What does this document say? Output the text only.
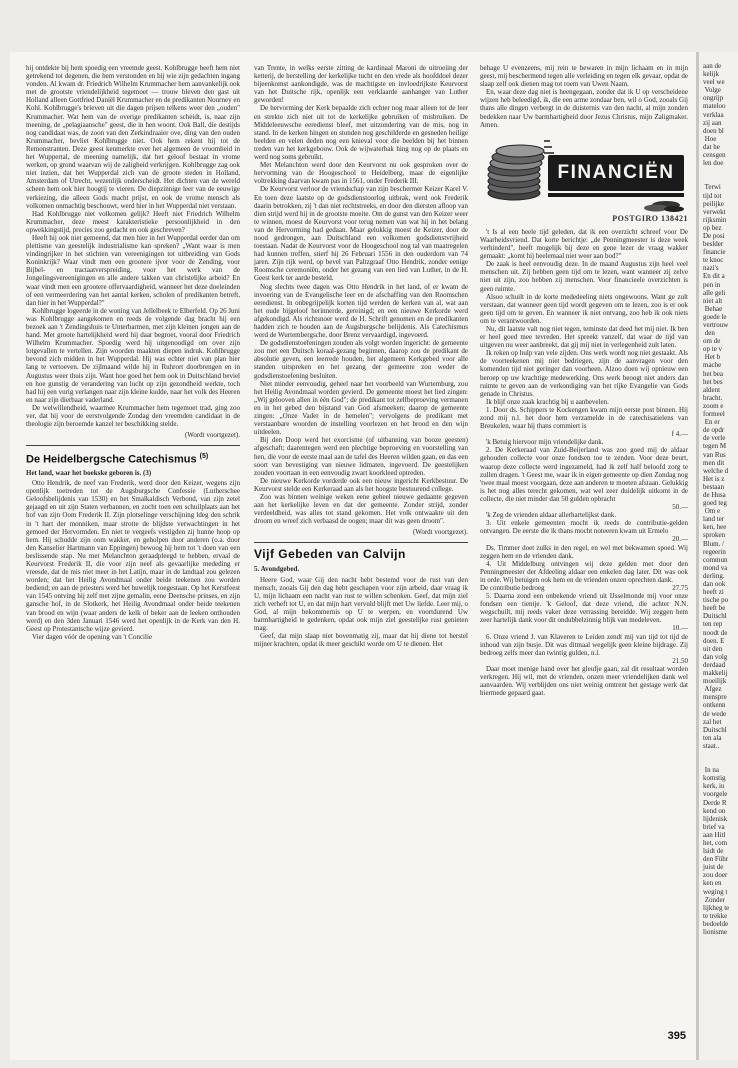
hij ontdekte bij hem spoedig een vreemde geest. Kohlbrugge heeft hem niet getrekend tot degenen, die hem verstonden en bij wie zijn gedachten ingang vonden. Al kwam dr. Friedrich Wilhelm Krummacher hem aanvankelijk ook met de grootste vriendelijkheid tegemoet — trouw bleven den gast uit Holland alleen Gottfried Daniël Krummacher en de predikanten Nourney en Kohl. Kohlbrugge's brieven uit die dagen prijsen telkens weer den „ouden" Krummacher. Wat hem van de overige predikanten scheidt, is, naar zijn meening, de „pelagiaansche" geest, die in hen woont. Ook Ball, die destijds nog candidaat was, de zoon van den Zerkindraaier ove, ding van den ouden Krummacher, bevliet Kohlbrugge niet. Ook hem rekent hij tot de Remonstranten. Deze geest kenmerkte over het algemeen de vroomheid in het Wuppertal, de meening namelijk, dat het geloof bestaat in vrome werken, op grond waarvan wij de zaligheid verkrijgen. Kohlbrugge zag ook niet inzien, dat het Wupperdal zich van de groote steden in Holland, Amsterdam of Utrecht, wezenlijk onderscheidt. Het dichten van de wereld scheen hem ook hier hoogtij te vieren. De diepzinnige leer van de eeuwige verkiezing, die alleen Gods macht prijst, en ook de vrome mensch als volkomen onmachtig beschouwt, werd hier in het Wupperdal niet verstaan.

Had Kohlbrugge niet volkomen gelijk? Heeft niet Friedrich Wilhelm Krummacher, deze meest karakteristieke persoonlijkheid in den opwekkingstijd, precies zoo gedacht en ook geschreven?

Heeft hij ook niet gemeend, dat men hier in het Wupperdal eerder dan om plettisme van geestelijk industrialisme kan spreken? „Want waar is men vindingrijker in het stichten van vereenigingen tot uitbreiding van Gods Koninkrijk? Waar vindt men een grootere ijver voor de Zending, voor Bijbel- en tractaatverspreiding, voor het werk van de Jongelingsvereenigingen en alle andere takken van christelijke arbeid? En waar vindt men een grootere offervaardigheid, wanneer het deze doeleinden of een vermeerdering van het aantal kerken, scholen of predikanten betreft, dan hier in het Wupperdal?"

Kohlbrugge logeerde in de woning van Jellelbeek te Elberfeld. Op 26 Juni was Kohlbrugge aangekomen en reeds de volgende dag bracht hij een bezoek aan 't Zendingshuis te Unterbarmen, met zijn kleinen jongen aan de hand. Met groote hartelijkheid werd hij daar begroet, vooral door Friedrich Wilhelm Krummacher. Spoedig werd hij uitgenoodigd om over zijn lotgevallen te vertellen. Zijn woorden maakten diepen indruk. Kohlbrugge bevond zich midden in het Wupperdal. Hij was echter niet van plan hier lang te vertoeven. De zijlmaand wilde hij in Ruhrort doorbrengen en in Augustus weer thuis zijn. Want hoe goed het hem ook in Duitschland beviel en hoe gunstig de verandering van lucht op zijn gezondheid werkte, toch had hij een vurig verlangen naar zijn kleine kudde, naar het volk des Heeren en naar zijn dierbaar vaderland.

De welwillendheid, waarmee Krummacher hem tegemoet trad, ging zoo ver, dat hij voor de eerstvolgende Zondag den vreemden candidaat in de theologie zijn beroemde kanzel ter beschikking stelde.

(Wordt voortgezet).

De Heidelbergsche Catechismus $^{(5)}$
Het land, waar het boekske geboren is. (3)

Otto Hendrik, de neef van Frederik, werd door den Keizer, wegens zijn openlijk toetreden tot de Augsburgsche Confessie (Lutherschee Geloofsbelijdenis van 1530) en het Smalkaldisch Verbond, van zijn zetel gejaagd en uit zijn Staten verbannen, en zocht toen een schuilplaats aan het hof van zijn Oom Frederik II. Zijn plotselinge verschijning ldeg den schrik in 't hart der monniken, maar strotte de blijdste verwachtingen in het gemoed der Hervormden. En niet te vergeefs vestigden zij hunne hoop op hem. Hij schudde zijn oom wakker, en geholpen door anderen (o.a. door den Kanselier Hartmann van Eppingen) bewoog hij hem tot 't doen van een beslissende stap. Nu met Melanchton geraadpleegd te hebben, ervaal de Keurvorst Frederik II, die voor zijn neef als gevaarlijke mededing er vreesde, dat de mis niet meer in het Latijn, maar in de landtaal zou gelezen worden; dat het Heilig Avondmaal onder beide teekenen zou worden bediend; en aan de priesters werd het huwelijk toegestaan. Op het Kerstfeest van 1545 ontving hij zelf met zijne gemalin, eene Deensche prinses, en zijn gansche hof, in de Slotkerk, het Heilig Avondmaal onder beide teekenen van brood en wijn (waar anders de kelk of beker aan de leeken onthouden werd) en den 3den Januari 1546 werd het openlijk in de Kerk van den H. Geest op Protestantsche wijze gevierd.

Vier dagen vóór de opening van 't Concilie

van Trente, in welks eerste zitting de kardinaal Maroni de uitroeiing der ketterij, de herstelling der kerkelijke tucht en den vrede als hoofddoel dezer bijeenkomst aankondigde, was de machtigste en invloedrijkste Keurvorst van het Duitsche rijk, openlijk een verklaarde aanhanger van Luther geworden!

De hervorming der Kerk bepaalde zich echter nog maar alleen tot de leer en strekte zich niet uit tot de kerkelijke gebruiken of misbruiken. De Middeleeuwsche eeredienst bleef, met uitzondering van de mis, nog in stand. In de kerken hingen en stonden nog geschilderde en gesneden heilige beelden en velen deden nog een knieval voor die beelden bij het binnen treden van het kerkgebouw. Ook de wijwaterbak hing nog op de plaats en werd nog soms gebruikt.

Met Melanchton werd door den Keurvorst nu ook gesproken over de hervorming van de Hoogeschool te Heidelberg, maar de eigenlijke voltrekking daarvan kwam pas in 1561, onder Frederik III.

De Keurvorst verloor de vriendschap van zijn beschermer Keizer Karel V. En toen deze laatste op de godsdienstoorlog uitbrak, werd ook Frederik daarin betrokken, zij 't dan niet rechtstreeks, en door den diersten afloop van dien strijd werd hij in de grootste moeite. Om de gunst van den Keizer weer te winnen, moest de Keurvorst voor terug nemen van wat hij in het belang van de Hervorming had gedaan. Maar gelukkig moest de Keizer, door de nood gedrongen, aan Duitschland een volkomen godsdienstvrijheid toestaan. Nadat de Keurvorst voor de Hoogeschool nog tal van maatregelen had kunnen treffen, stierf hij 26 Februari 1556 in den ouderdom van 74 jaren. Zijn rijk werd, op bevel van Paltzgraaf Otto Hendrik, zonder eenige Roomsche ceremoniën, onder het gezang van een lied van Luther, in de H. Geest kerk ter aarde besteld.

Nog slechts twee dagen was Otto Hendrik in het land, of er kwam de invoering van de Evangelische leer en de afschaffing van den Roomschen eeredienst. In onbegrijpelijk korten tijd werden de kerken van al, wat aan het oude bijgeloof herinnerde, gereinigd; en een nieuwe Kerkorde werd afgekondigd. Als richtsnoer werd de H. Schrift genomen en de predikanten hadden zich te houden aan de Augsburgsche belijdenis. Als Catechismus werd de Wurtembergsche, door Brenz vervaardigd, ingevoerd.

De godsdienstoefeningen zouden als volgt worden ingericht: de gemeente zou met een Duitsch koraal-gezang beginnen, daarop zou de predikant de absolutie geven, een leerrede houden, het algemeen Kerkgebed voor alle standen uitspreken en het gezang der gemeente zou weder de godsdienstoefening besluiten.

Niet minder eenvoudig, geheel naar het voorbeeld van Wurtemburg, zou het Heilig Avondmaal worden gevierd. De gemeente moest het lied zingen: „Wij gelooven allen in één God"; de predikant tot zelfbeproeving vermanen en in het gebed den bijstand van God afsmeeken; daarop de gemeente zingen: „Onze Vader in de hemelen"; vervolgens de predikant met verstaanbare woorden de instelling voorlezen en het brood en den wijn uitdeelen.

Bij den Doop werd het exorcisme (of uitbanning van booze geesten) afgeschaft; daarentegen werd een plechtige beproeving en voorstelling van hen, die voor de eerste maal aan de tafel des Heeren wilden gaan, en das een soort van bevestiging van nieuwe lidmaten, ingevoerd. De geestelijken zouden voortaan in een eenvoudig zwart koorkleed optreden.

De nieuwe Kerkorde vorderde ook een nieuw ingericht Kerkbestuur. De Keurvorst stelde een Kerkeraad aan als het hoogste bestuurend college.

Zoo was binnen weinige weken eene geheel nieuwe gedaante gegeven aan het kerkelijke leven en dat der gemeente. Zonder strijd, zonder verdeeldheid, was alles tot stand gekomen. Het volk ontwaakte uit den droom en wreef zich verbaasd de oogen; maar dit was geen droom".

(Wordt voortgezet).

Vijf Gebeden van Calvijn
5. Avondgebed.

Heere God, waar Gij den nacht hebt bestemd voor de rust van den mensch, zooals Gij den dag hebt geschapen voor zijn arbeid, daar vraag ik U, mijn lichaam een nacht van rust te willen schenken. Geef, dat mijn ziel zich verheft tot U, en dat mijn hart vervuld blijft met Uw liefde. Leer mij, o God, al mijn bekommernis op U te werpen, en voortdurend Uw barmhartigheid te gedenken, opdat ook mijn ziel geestelijke rust genieten mag.

Geef, dat mijn slaap niet bovenmatig zij, maar dat hij diene tot herstel mijner krachten, opdat ik meer geschikt worde om U te dienen. Het

behage U evenzeens, mij rein te bewaren in mijn lichaam en in mijn geest, mij beschermend tegen alle verleiding en tegen elk gevaar, opdat de slaap zelf ook dienen mag tot roem van Uwen Naam.

En, waar deze dag niet is heengegaan, zonder dat ik U op verscheidene wijzen heb beleedigd, ik, die een arme zondaar ben, wil o God, zooals Gij thans alle dingen verbergt in de duisternis van den nacht, al mijn zonden bedekken naar Uw barmhartigheid door Jezus Christus, mijn Zaligmaker. Amen.

FINANCIËN

POSTGIRO 138421

't Is al een heele tijd geleden, dat ik een overzicht schreef voor De Waarheidsvriend. Dat korte berichtje: „de Penningmeester is deze week verhinderd", heeft mogelijk bij deze en gene lezer de vraag wakker gemaakt: „komt hij heelemaal niet weer aan bod?"

De zaak is heel eenvoudig deze. In de maand Augustus zijn heel veel menschen uit. Zij hebben geen tijd om te lezen, want wanneer zij zelve niet uit zijn, zoo hebben zij menschen. Voor financieele overzichten is geen ruimte.

Alsoo schuilt in de korte mededeeling niets ongewoons. Want ge zult verstaan, dat wanneer geen tijd wordt gegeven om te lezen, zoo is er ook geen tijd om te geven. En wanneer ik niet ontvang, zoo heb ik ook niets om te verantwoorden.

Nu, dit laatste valt nog niet tegen, teminste dat deed het mij niet. Ik ben er heel goed mee tevreden. Het spreekt vanzelf, dat waar de tijd van uitgeven nu weer aanbreekt, dat gij mij niet in verlegenheid zult laten.

Ik reken op hulp van vele zijden. Ons werk wordt nog niet gestaakt. Als de voorteekenen mij niet bedriegen, zijn de aanvragen voor den komenden tijd niet geringer dan voorheen. Alzoo doen wij opnieuw een beroep op uw krachtige medewerking. Ons werk beoogt niet anders dan ruimte te geven aan de verkondiging van het rijke Evangelie van Gods genade in Christus.

Ik blijf onze zaak krachtig bij u aanbevelen.

1. Door ds. Schippers te Kockengen kwam mijn eerste post binnen. Hij zond mij n.l. het door hem verzamelde in de catechisatielens van Breukelen, waar hij thans commiert is

f 4.—

'k Betuig hiervoor mijn vriendelijke dank.

2. De Kerkeraad van Zuid-Beijerland was zoo goed mij de aldaar gehouden collecte voor onze fondsen toe te zenden. Voor deze beurt, waarop deze collecte werd ingezameld, had ik zelf half beloofd zorg te zullen dragen. 't Geest me, waar ik in eigen gemeente op dien Zondag nog 'twee maal moest voorgaan, deze aan anderen te moeten afstaan. Gelukkig is het nog alles terecht gekomen, wat wel zeer duidelijk uitkomt in de collecte, die niet minder dan 50 gulden opbracht

50.—

'k Zeg de vrienden aldaar allerhartelijkst dank.

3. Uit enkele gemeenten mocht ik reeds de contributie-gelden ontvangen. De eerste die ik thans mocht noteeren kwam uit Ermelo

20.—

Ds. Timmer doet zulks in den regel, en wel met bekwamen spoed. Wij zeggen hem en de vrienden dank.

4. Uit Middelburg ontvingen wij deze gelden met door den Penningmeester der Afdeeling aldaar een enkelen dag later. Dit was ook in orde. Wij betuigen ook hem en de vrienden onzen oprechten dank.

De contributie bedroeg	27.75

5. Daarna zond een onbekende vriend uit IJsselmonde mij voor onze fondsen een tientje. 'k Geloof, dat deze vriend, die achter N.N. wegschuilt, mij reeds vaker deze verrassing bereidde. Wij zeggen hem zeer hartelijk dank voor dit ondubbelzinnig blijk van medeleven.

10.—

6. Onze vriend J. van Klaveren te Leiden zendt mij van tijd tot tijd de inhoud van zijn busje. Dit was ditmaal wegelijk geen kleine bijdrage. Zij bedroeg zelfs meer dan twintig gulden, n.l.

21.50

Daar moet menige hand over het gleufje gaan, zal dit resultaat worden verkregen. Hij wil, met de vrienden, onzen meer vriendelijken dank wel aanvaarden. Wij verblijden ons niet weinig omtrent het gestage werk dat hiermede gepaard gaat.

395
aan de
kelijk
veel we
Volge
ongrijp
mateloo
verklaa
zij aan
doen bl
Hoe
dat he
censgen
len doe

Terwi
tijd tot
peilijke
verwekt
rijksmin
op bez
De posi
beslder
financie
te knoc
nazi's
En dit a
pen in
alle geli
niet alt
Behae
goede le
vertrouw
den
om de
op te v
Het b
mache
het bea
het bes
aldent
bracht.
zoom e
formeel
En er
de opdr
de verle
tegen M
van Rus
men dit
welche d
Het is z
bestaan
de Husa
goed teg
Om e
land ter
ken, hee
sproken
Blum. /
regeerin
commun
mond va
derling.
dan ook
heeft zi
tische po
heeft be
Duitschl
ten rep
noodt de
doen. E
uit den
dan volg
derdaad
makkelij
moeilijk
Afgez
menspre
ontkenn
de wede
zal het
Duitschl
ten ala
staat..

In na
komstig
kerk, iu
voorgele
Derde R
kend on
lijdenisk
brief va
aan Hitl
het, com
lsidt de
den Führ
juist de
zou doer
ken en
weging t
Zonder
lijkheg te
te trekke
bedoelde
lionisme
